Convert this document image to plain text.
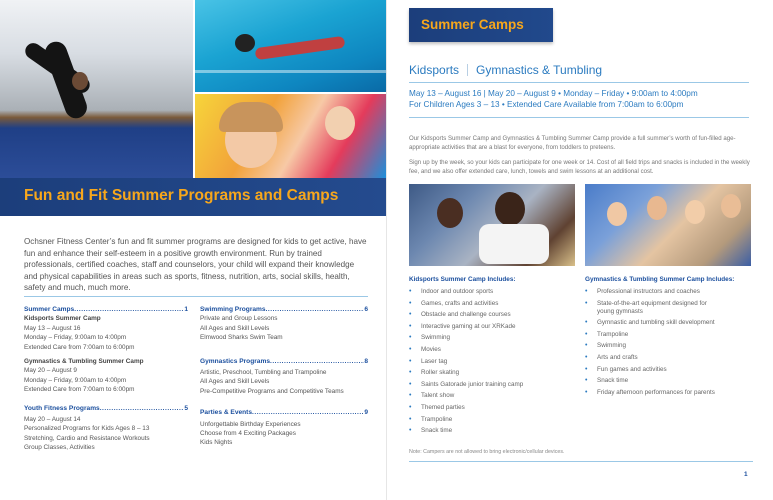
Fun and Fit Summer Programs and Camps

Ochsner Fitness Center’s fun and fit summer programs are designed for kids to get active, have fun and enhance their self-esteem in a positive growth environment. Run by trained professionals, certified coaches, staff and counselors, your child will expand their knowledge and physical capabilities in areas such as sports, fitness, nutrition, arts, social skills, health, safety and much, much more.

Summer Camps .....	1
Kidsports Summer Camp
May 13 – August 16
Monday – Friday, 9:00am to 4:00pm
Extended Care from 7:00am to 6:00pm
Gymnastics & Tumbling Summer Camp
May 20 – August 9
Monday – Friday, 9:00am to 4:00pm
Extended Care from 7:00am to 6:00pm
Youth Fitness Programs .....	5
May 20 – August 14
Personalized Programs for Kids Ages 8 – 13
Stretching, Cardio and Resistance Workouts
Group Classes, Activities
Swimming Programs .....	6
Private and Group Lessons
All Ages and Skill Levels
Elmwood Sharks Swim Team
Gymnastics Programs .....	8
Artistic, Preschool, Tumbling and Trampoline
All Ages and Skill Levels
Pre-Competitive Programs and Competitive Teams
Parties & Events .....	9
Unforgettable Birthday Experiences
Choose from 4 Exciting Packages
Kids Nights
Summer Camps
Kidsports Gymnastics & Tumbling
May 13 – August 16 | May 20 – August 9 • Monday – Friday • 9:00am to 4:00pm
For Children Ages 3 – 13 • Extended Care Available from 7:00am to 6:00pm

Our Kidsports Summer Camp and Gymnastics & Tumbling Summer Camp provide a full summer’s worth of fun-filled age-appropriate activities that are a blast for everyone, from toddlers to preteens.

Sign up by the week, so your kids can participate for one week or 14. Cost of all field trips and snacks is included in the weekly fee, and we also offer extended care, lunch, towels and swim lessons at an additional cost.

Kidsports Summer Camp Includes:
• Indoor and outdoor sports
• Games, crafts and activities
• Obstacle and challenge courses
• Interactive gaming at our XRKade
• Swimming
• Movies
• Laser tag
• Roller skating
• Saints Gatorade junior training camp
• Talent show
• Themed parties
• Trampoline
• Snack time
Gymnastics & Tumbling Summer Camp Includes:
• Professional instructors and coaches
• State-of-the-art equipment designed for young gymnasts
• Gymnastic and tumbling skill development
• Trampoline
• Swimming
• Arts and crafts
• Fun games and activities
• Snack time
• Friday afternoon performances for parents
Note: Campers are not allowed to bring electronic/cellular devices.
1
